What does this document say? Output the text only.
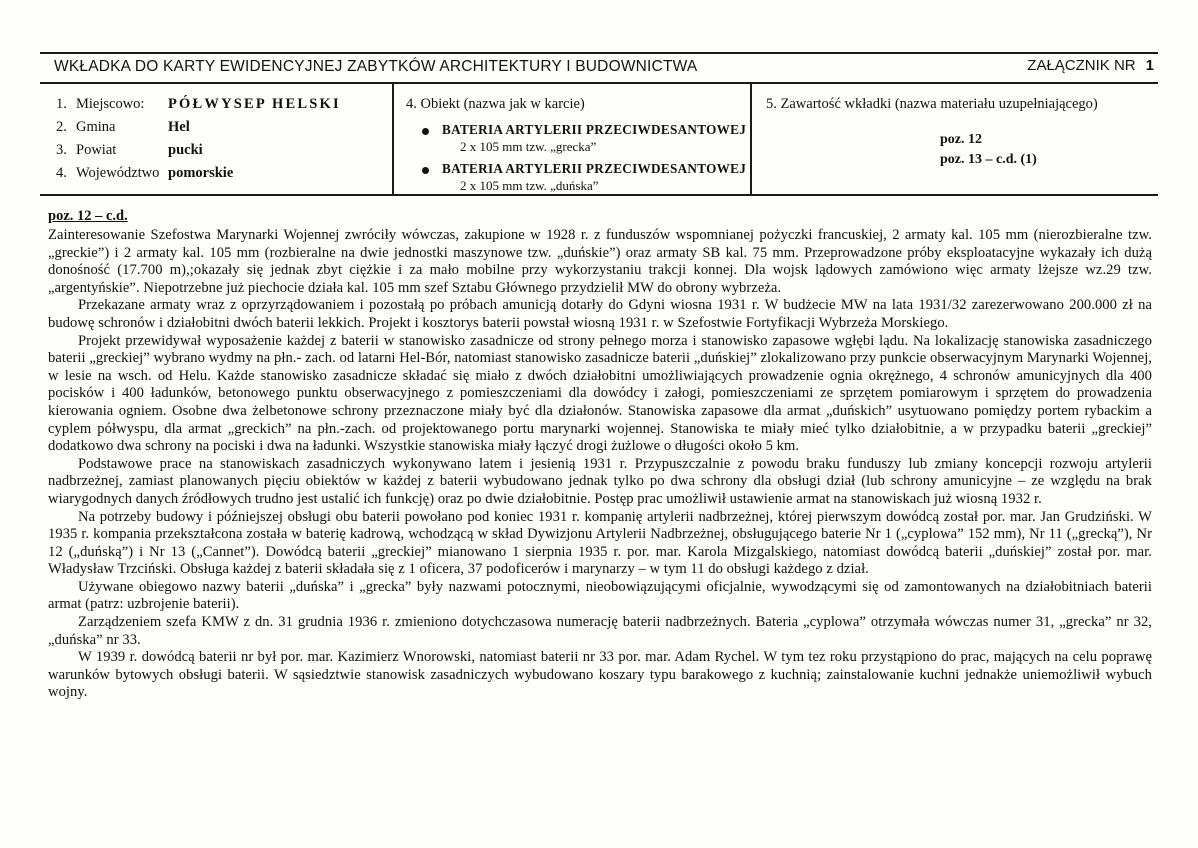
WKŁADKA DO KARTY EWIDENCYJNEJ ZABYTKÓW ARCHITEKTURY I BUDOWNICTWA	ZAŁĄCZNIK NR 1
1. Miejscowo: PÓŁWYSEP HELSKI
2. Gmina	Hel
3. Powiat	pucki
4. Województwo pomorskie
4. Obiekt (nazwa jak w karcie)
BATERIA ARTYLERII PRZECIWDESANTOWEJ
2 x 105 mm tzw. „grecka”
BATERIA ARTYLERII PRZECIWDESANTOWEJ
2 x 105 mm tzw. „duńska”
5. Zawartość wkładki (nazwa materiału uzupełniającego)
poz. 12
poz. 13 – c.d. (1)
poz. 12 – c.d.

Zainteresowanie Szefostwa Marynarki Wojennej zwróciły wówczas, zakupione w 1928 r. z funduszów wspomnianej pożyczki francuskiej, 2 armaty kal. 105 mm (nierozbieralne tzw. „greckie”) i 2 armaty kal. 105 mm (rozbieralne na dwie jednostki maszynowe tzw. „duńskie”) oraz armaty SB kal. 75 mm. Przeprowadzone próby eksploatacyjne wykazały ich dużą donośność (17.700 m),;okazały się jednak zbyt ciężkie i za mało mobilne przy wykorzystaniu trakcji konnej. Dla wojsk lądowych zamówiono więc armaty lżejsze wz.29 tzw. „argentyńskie”. Niepotrzebne już piechocie działa kal. 105 mm szef Sztabu Głównego przydzielił MW do obrony wybrzeża.

Przekazane armaty wraz z oprzyrządowaniem i pozostałą po próbach amunicją dotarły do Gdyni wiosna 1931 r. W budżecie MW na lata 1931/32 zarezerwowano 200.000 zł na budowę schronów i działobitni dwóch baterii lekkich. Projekt i kosztorys baterii powstał wiosną 1931 r. w Szefostwie Fortyfikacji Wybrzeża Morskiego.

Projekt przewidywał wyposażenie każdej z baterii w stanowisko zasadnicze od strony pełnego morza i stanowisko zapasowe wgłębi lądu. Na lokalizację stanowiska zasadniczego baterii „greckiej” wybrano wydmy na płn.- zach. od latarni Hel-Bór, natomiast stanowisko zasadnicze baterii „duńskiej” zlokalizowano przy punkcie obserwacyjnym Marynarki Wojennej, w lesie na wsch. od Helu. Każde stanowisko zasadnicze składać się miało z dwóch działobitni umożliwiających prowadzenie ognia okrężnego, 4 schronów amunicyjnych dla 400 pocisków i 400 ładunków, betonowego punktu obserwacyjnego z pomieszczeniami dla dowódcy i załogi, pomieszczeniami ze sprzętem pomiarowym i sprzętem do prowadzenia kierowania ogniem. Osobne dwa żelbetonowe schrony przeznaczone miały być dla działonów. Stanowiska zapasowe dla armat „duńskich” usytuowano pomiędzy portem rybackim a cyplem półwyspu, dla armat „greckich” na płn.-zach. od projektowanego portu marynarki wojennej. Stanowiska te miały mieć tylko działobitnie, a w przypadku baterii „greckiej” dodatkowo dwa schrony na pociski i dwa na ładunki. Wszystkie stanowiska miały łączyć drogi żużlowe o długości około 5 km.

Podstawowe prace na stanowiskach zasadniczych wykonywano latem i jesienią 1931 r. Przypuszczalnie z powodu braku funduszy lub zmiany koncepcji rozwoju artylerii nadbrzeżnej, zamiast planowanych pięciu obiektów w każdej z baterii wybudowano jednak tylko po dwa schrony dla obsługi dział (lub schrony amunicyjne – ze względu na brak wiarygodnych danych źródłowych trudno jest ustalić ich funkcję) oraz po dwie działobitnie. Postęp prac umożliwił ustawienie armat na stanowiskach już wiosną 1932 r.

Na potrzeby budowy i późniejszej obsługi obu baterii powołano pod koniec 1931 r. kompanię artylerii nadbrzeżnej, której pierwszym dowódcą został por. mar. Jan Grudziński. W 1935 r. kompania przekształcona została w baterię kadrową, wchodzącą w skład Dywizjonu Artylerii Nadbrzeżnej, obsługującego baterie Nr 1 („cyplowa” 152 mm), Nr 11 („grecką”), Nr 12 („duńską”) i Nr 13 („Cannet”). Dowódcą baterii „greckiej” mianowano 1 sierpnia 1935 r. por. mar. Karola Mizgalskiego, natomiast dowódcą baterii „duńskiej” został por. mar. Władysław Trzciński. Obsługa każdej z baterii składała się z 1 oficera, 37 podoficerów i marynarzy – w tym 11 do obsługi każdego z dział.

Używane obiegowo nazwy baterii „duńska” i „grecka” były nazwami potocznymi, nieobowiązującymi oficjalnie, wywodzącymi się od zamontowanych na działobitniach baterii armat (patrz: uzbrojenie baterii).

Zarządzeniem szefa KMW z dn. 31 grudnia 1936 r. zmieniono dotychczasowa numerację baterii nadbrzeżnych. Bateria „cyplowa” otrzymała wówczas numer 31, „grecka” nr 32, „duńska” nr 33.

W 1939 r. dowódcą baterii nr był por. mar. Kazimierz Wnorowski, natomiast baterii nr 33 por. mar. Adam Rychel. W tym tez roku przystąpiono do prac, mających na celu poprawę warunków bytowych obsługi baterii. W sąsiedztwie stanowisk zasadniczych wybudowano koszary typu barakowego z kuchnią; zainstalowanie kuchni jednakże uniemożliwił wybuch wojny.
